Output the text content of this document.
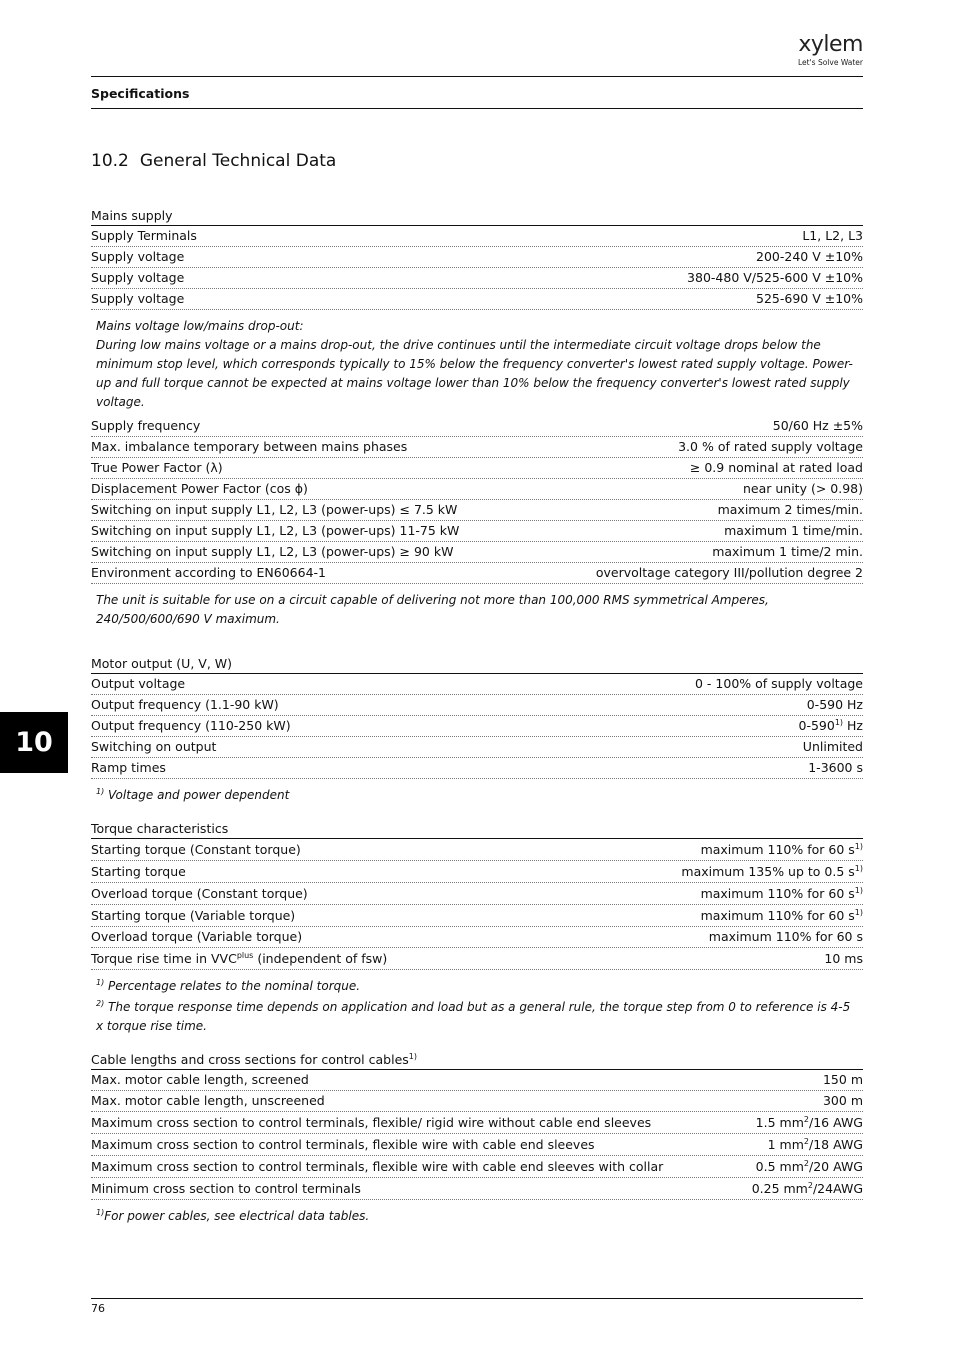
xylem
Let's Solve Water
Specifications
10.2 General Technical Data
10
Mains supply
Supply Terminals	L1, L2, L3
Supply voltage	200-240 V ±10%
Supply voltage	380-480 V/525-600 V ±10%
Supply voltage	525-690 V ±10%
Mains voltage low/mains drop-out:
During low mains voltage or a mains drop-out, the drive continues until the intermediate circuit voltage drops below the minimum stop level, which corresponds typically to 15% below the frequency converter's lowest rated supply voltage. Power-up and full torque cannot be expected at mains voltage lower than 10% below the frequency converter's lowest rated supply voltage.
Supply frequency	50/60 Hz ±5%
Max. imbalance temporary between mains phases	3.0 % of rated supply voltage
True Power Factor (λ)	≥ 0.9 nominal at rated load
Displacement Power Factor (cos ϕ)	near unity (> 0.98)
Switching on input supply L1, L2, L3 (power-ups) ≤ 7.5 kW	maximum 2 times/min.
Switching on input supply L1, L2, L3 (power-ups) 11-75 kW	maximum 1 time/min.
Switching on input supply L1, L2, L3 (power-ups) ≥ 90 kW	maximum 1 time/2 min.
Environment according to EN60664-1	overvoltage category III/pollution degree 2
The unit is suitable for use on a circuit capable of delivering not more than 100,000 RMS symmetrical Amperes, 240/500/600/690 V maximum.
Motor output (U, V, W)
Output voltage	0 - 100% of supply voltage
Output frequency (1.1-90 kW)	0-590 Hz
Output frequency (110-250 kW)	0-590$^{1)}$ Hz
Switching on output	Unlimited
Ramp times	1-3600 s
$^{1)}$ Voltage and power dependent
Torque characteristics
Starting torque (Constant torque)	maximum 110% for 60 $s^{1)}$
Starting torque	maximum 135% up to 0.5 $s^{1)}$
Overload torque (Constant torque)	maximum 110% for 60 $s^{1)}$
Starting torque (Variable torque)	maximum 110% for 60 $s^{1)}$
Overload torque (Variable torque)	maximum 110% for 60 s
Torque rise time in $VVC^{plus}$ (independent of fsw)	10 ms
$^{1)}$ Percentage relates to the nominal torque.
$^{2)}$ The torque response time depends on application and load but as a general rule, the torque step from 0 to reference is 4-5 x torque rise time.
Cable lengths and cross sections for control cables$^{1)}$
Max. motor cable length, screened	150 m
Max. motor cable length, unscreened	300 m
Maximum cross section to control terminals, flexible/ rigid wire without cable end sleeves	1.5 $mm^2/16$ AWG
Maximum cross section to control terminals, flexible wire with cable end sleeves	1 $mm^2/18$ AWG
Maximum cross section to control terminals, flexible wire with cable end sleeves with collar	0.5 $mm^2/20$ AWG
Minimum cross section to control terminals	0.25 $mm^2/24AWG$
$^{1)}$For power cables, see electrical data tables.
76
